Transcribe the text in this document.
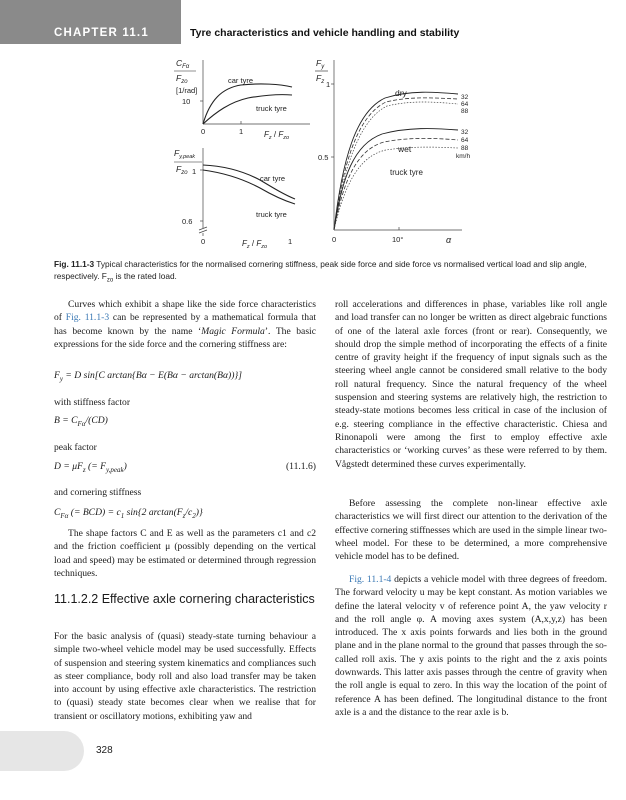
CHAPTER 11.1	Tyre characteristics and vehicle handling and stability
$C_{F\alpha}$
$F_{zo}$
[1/rad]
10
car tyre
truck tyre
0	1	$F_z / F_{zo}$
$F_{y,peak}$
$F_{zo}$ 1
0.6
car tyre
truck tyre
0	$F_z / F_{zo}$
1
$F_y$
$F_z$ 1
0.5
dry
wet
truck tyre
32
64
88
32
64
88
km/h
0	10°	α
Fig. 11.1-3 Typical characteristics for the normalised cornering stiffness, peak side force and side force vs normalised vertical load and slip angle, respectively. $F_{zo}$ is the rated load.

Curves which exhibit a shape like the side force characteristics of Fig. 11.1-3 can be represented by a mathematical formula that has become known by the name ‘Magic Formula’. The basic expressions for the side force and the cornering stiffness are:

$F_y = D$ sin[C arctan{Bα − E(Bα − arctan(Bα))}]
with stiffness factor
$B = C_{F\alpha}/(CD)$
peak factor
$D = \mu F_z$ (= $F_{y,peak}$)	(11.1.6)
and cornering stiffness
$C_{F\alpha}$ (= $BCD) = c_1$ sin{2 $\arctan(F_z/c_2)$}

The shape factors C and E as well as the parameters c1 and c2 and the friction coefficient μ (possibly depending on the vertical load and speed) may be estimated or determined through regression techniques.

11.1.2.2 Effective axle cornering characteristics

For the basic analysis of (quasi) steady-state turning behaviour a simple two-wheel vehicle model may be used successfully. Effects of suspension and steering system kinematics and compliances such as steer compliance, body roll and also load transfer may be taken into account by using effective axle characteristics. The restriction to (quasi) steady state becomes clear when we realise that for transient or oscillatory motions, exhibiting yaw and

roll accelerations and differences in phase, variables like roll angle and load transfer can no longer be written as direct algebraic functions of one of the lateral axle forces (front or rear). Consequently, we should drop the simple method of incorporating the effects of a finite centre of gravity height if the frequency of input signals such as the steering wheel angle cannot be considered small relative to the body roll natural frequency. Since the natural frequency of the wheel suspension and steering systems are relatively high, the restriction to steady-state motions becomes less critical in case of the inclusion of e.g. steering compliance in the effective characteristic. Chiesa and Rinonapoli were among the first to employ effective axle characteristics or ‘working curves’ as these were referred to by them. Vågstedt determined these curves experimentally.

Before assessing the complete non-linear effective axle characteristics we will first direct our attention to the derivation of the effective cornering stiffnesses which are used in the simple linear two-wheel model. For these to be determined, a more comprehensive vehicle model has to be defined.

Fig. 11.1-4 depicts a vehicle model with three degrees of freedom. The forward velocity u may be kept constant. As motion variables we define the lateral velocity v of reference point A, the yaw velocity r and the roll angle φ. A moving axes system (A,x,y,z) has been introduced. The x axis points forwards and lies both in the ground plane and in the plane normal to the ground that passes through the so-called roll axis. The y axis points to the right and the z axis points downwards. This latter axis passes through the centre of gravity when the roll angle is equal to zero. In this way the location of the point of reference A has been defined. The longitudinal distance to the front axle is a and the distance to the rear axle is b.

328
